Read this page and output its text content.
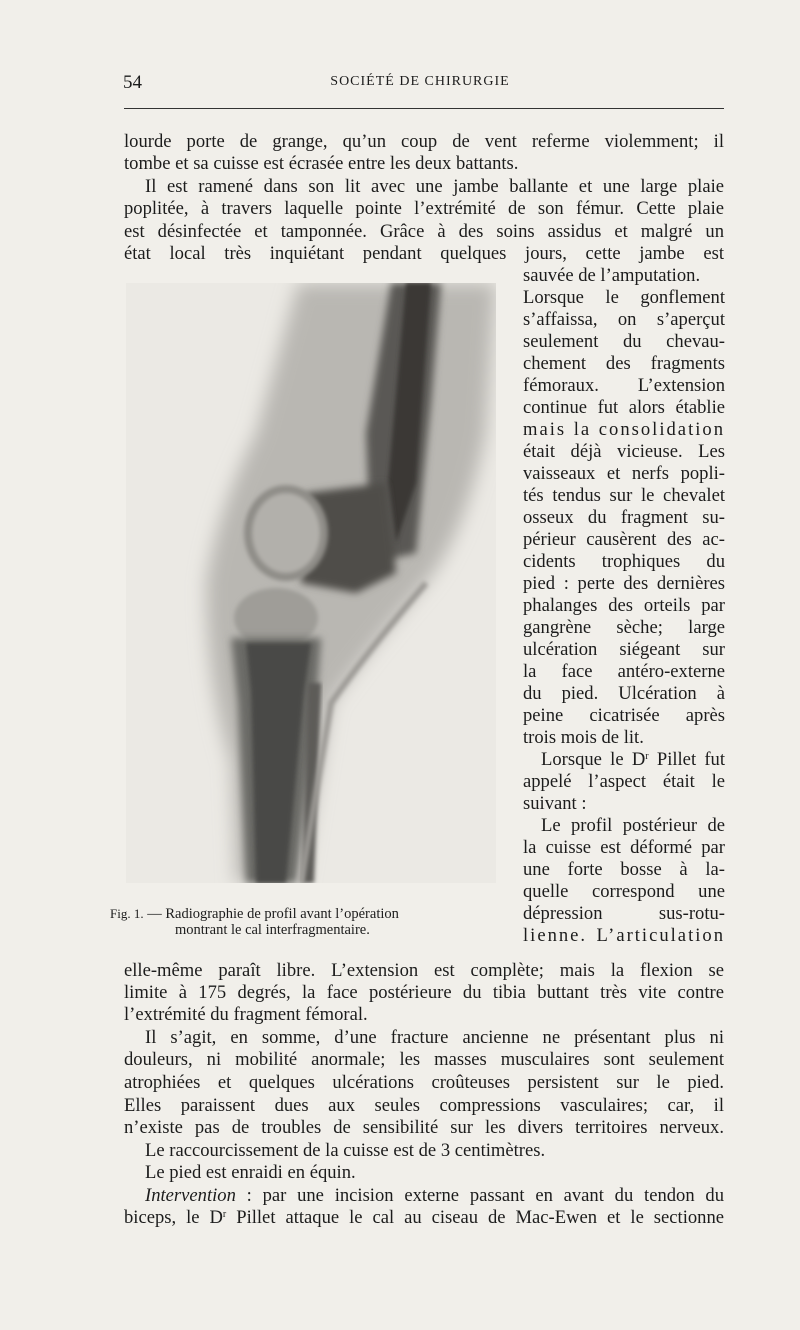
54	SOCIÉTÉ DE CHIRURGIE
lourde porte de grange, qu’un coup de vent referme violemment; il
tombe et sa cuisse est écrasée entre les deux battants.
Il est ramené dans son lit avec une jambe ballante et une large plaie
poplitée, à travers laquelle pointe l’extrémité de son fémur. Cette plaie
est désinfectée et tamponnée. Grâce à des soins assidus et malgré un
état local très inquiétant pendant quelques jours, cette jambe est
sauvée de l’amputation.
Lorsque le gonflement
s’affaissa, on s’aperçut
seulement du chevau-
chement des fragments
fémoraux. L’extension
continue fut alors établie
mais la consolidation
était déjà vicieuse. Les
vaisseaux et nerfs popli-
tés tendus sur le chevalet
osseux du fragment su-
périeur causèrent des ac-
cidents trophiques du
pied : perte des dernières
phalanges des orteils par
gangrène sèche; large
ulcération siégeant sur
la face antéro-externe
du pied. Ulcération à
peine cicatrisée après
trois mois de lit.
Lorsque le $D^r$ Pillet fut
appelé l’aspect était le
suivant :
Le profil postérieur de
la cuisse est déformé par
une forte bosse à la-
quelle correspond une
dépression sus-rotu-
lienne. L’articulation
Fig. 1. — Radiographie de profil avant l’opération
montrant le cal interfragmentaire.
elle-même paraît libre. L’extension est complète; mais la flexion se
limite à 175 degrés, la face postérieure du tibia buttant très vite contre
l’extrémité du fragment fémoral.
Il s’agit, en somme, d’une fracture ancienne ne présentant plus ni
douleurs, ni mobilité anormale; les masses musculaires sont seulement
atrophiées et quelques ulcérations croûteuses persistent sur le pied.
Elles paraissent dues aux seules compressions vasculaires; car, il
n’existe pas de troubles de sensibilité sur les divers territoires nerveux.
Le raccourcissement de la cuisse est de 3 centimètres.
Le pied est enraidi en équin.
Intervention : par une incision externe passant en avant du tendon du
biceps, le $D^r$ Pillet attaque le cal au ciseau de Mac-Ewen et le sectionne
